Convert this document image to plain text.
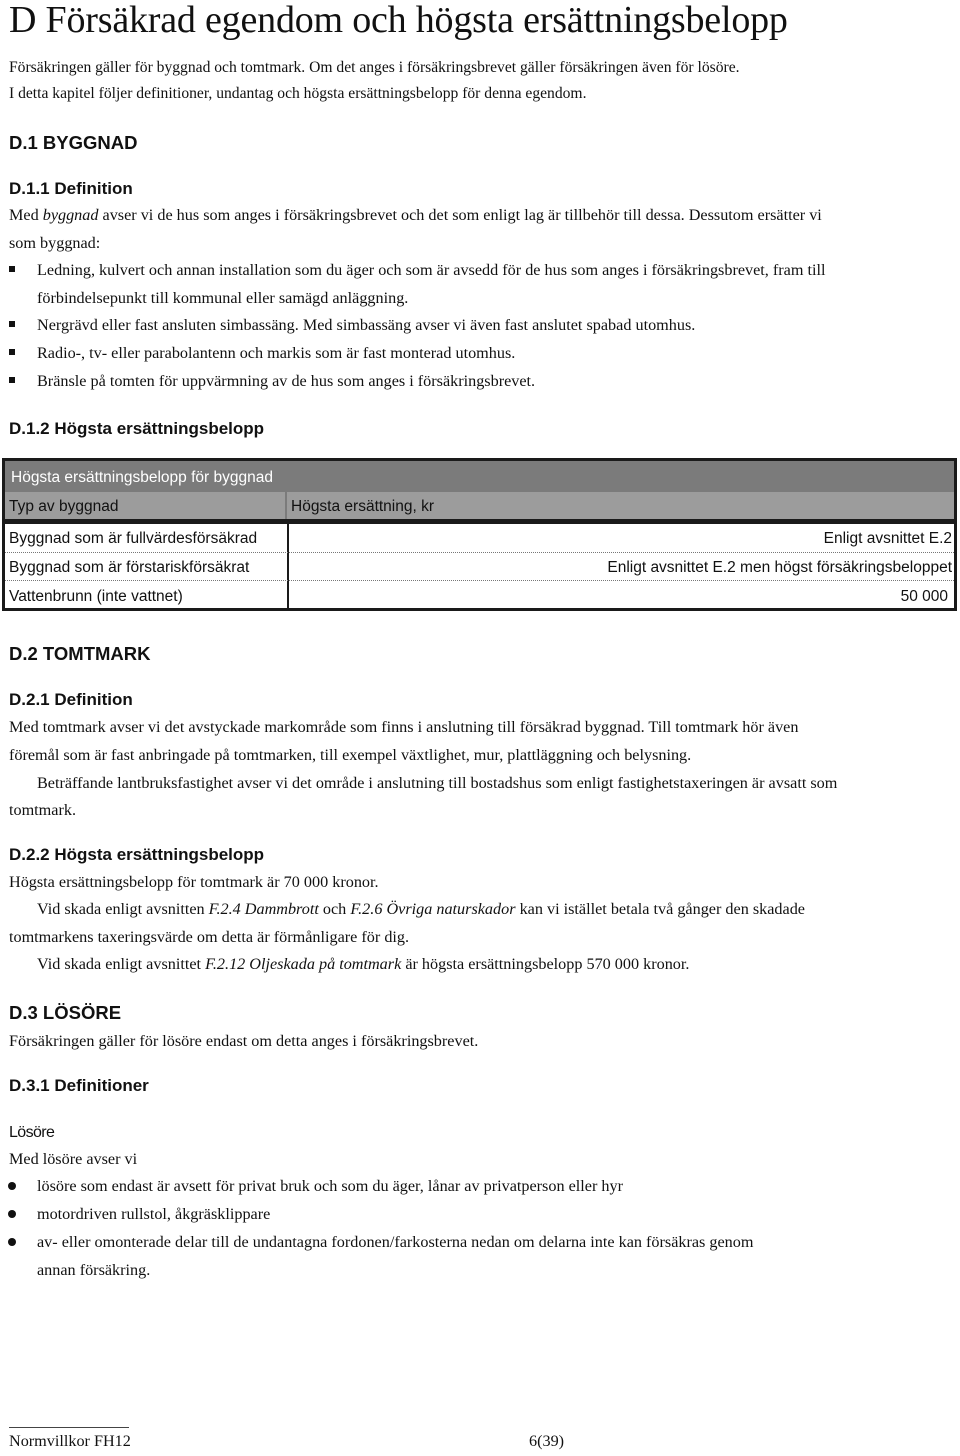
D Försäkrad egendom och högsta ersättningsbelopp
Försäkringen gäller för byggnad och tomtmark. Om det anges i försäkringsbrevet gäller försäkringen även för lösöre.
I detta kapitel följer definitioner, undantag och högsta ersättningsbelopp för denna egendom.
D.1 BYGGNAD
D.1.1 Definition
Med byggnad avser vi de hus som anges i försäkringsbrevet och det som enligt lag är tillbehör till dessa. Dessutom ersätter vi
som byggnad:
Ledning, kulvert och annan installation som du äger och som är avsedd för de hus som anges i försäkringsbrevet, fram till
förbindelsepunkt till kommunal eller samägd anläggning.
Nergrävd eller fast ansluten simbassäng. Med simbassäng avser vi även fast anslutet spabad utomhus.
Radio-, tv- eller parabolantenn och markis som är fast monterad utomhus.
Bränsle på tomten för uppvärmning av de hus som anges i försäkringsbrevet.
D.1.2 Högsta ersättningsbelopp
Högsta ersättningsbelopp för byggnad
Typ av byggnad	Högsta ersättning, kr
Byggnad som är fullvärdesförsäkrad	Enligt avsnittet E.2
Byggnad som är förstariskförsäkrat	Enligt avsnittet E.2 men högst försäkringsbeloppet
Vattenbrunn (inte vattnet)	50 000
D.2 TOMTMARK
D.2.1 Definition
Med tomtmark avser vi det avstyckade markområde som finns i anslutning till försäkrad byggnad. Till tomtmark hör även
föremål som är fast anbringade på tomtmarken, till exempel växtlighet, mur, plattläggning och belysning.
Beträffande lantbruksfastighet avser vi det område i anslutning till bostadshus som enligt fastighetstaxeringen är avsatt som
tomtmark.
D.2.2 Högsta ersättningsbelopp
Högsta ersättningsbelopp för tomtmark är 70 000 kronor.
Vid skada enligt avsnitten F.2.4 Dammbrott och F.2.6 Övriga naturskador kan vi istället betala två gånger den skadade
tomtmarkens taxeringsvärde om detta är förmånligare för dig.
Vid skada enligt avsnittet F.2.12 Oljeskada på tomtmark är högsta ersättningsbelopp 570 000 kronor.
D.3 LÖSÖRE
Försäkringen gäller för lösöre endast om detta anges i försäkringsbrevet.
D.3.1 Definitioner
Lösöre
Med lösöre avser vi
lösöre som endast är avsett för privat bruk och som du äger, lånar av privatperson eller hyr
motordriven rullstol, åkgräsklippare
av- eller omonterade delar till de undantagna fordonen/farkosterna nedan om delarna inte kan försäkras genom
annan försäkring.
Normvillkor FH12	6(39)
